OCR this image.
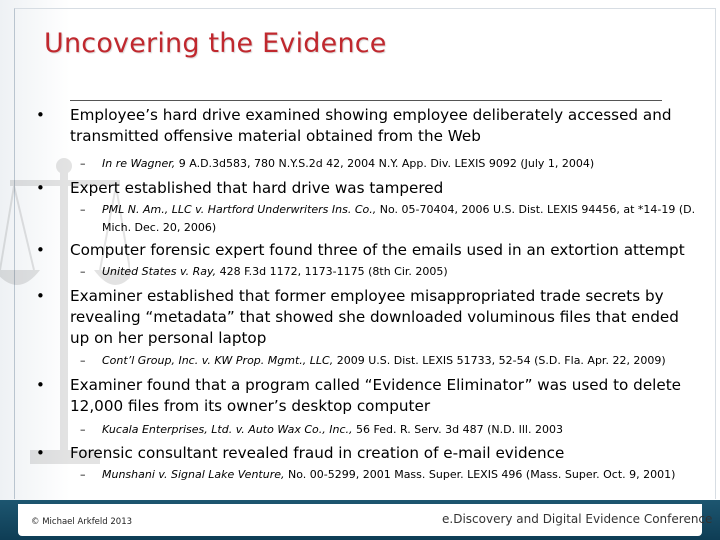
Uncovering the Evidence
• Employee’s hard drive examined showing employee deliberately accessed and transmitted offensive material obtained from the Web
– In re Wagner, 9 A.D.3d583, 780 N.Y.S.2d 42, 2004 N.Y. App. Div. LEXIS 9092 (July 1, 2004)
• Expert established that hard drive was tampered
– PML N. Am., LLC v. Hartford Underwriters Ins. Co., No. 05-70404, 2006 U.S. Dist. LEXIS 94456, at *14-19 (D. Mich. Dec. 20, 2006)
• Computer forensic expert found three of the emails used in an extortion attempt
– United States v. Ray, 428 F.3d 1172, 1173-1175 (8th Cir. 2005)
• Examiner established that former employee misappropriated trade secrets by revealing “metadata” that showed she downloaded voluminous files that ended up on her personal laptop
– Cont’l Group, Inc. v. KW Prop. Mgmt., LLC, 2009 U.S. Dist. LEXIS 51733, 52-54 (S.D. Fla. Apr. 22, 2009)
• Examiner found that a program called “Evidence Eliminator” was used to delete 12,000 files from its owner’s desktop computer
– Kucala Enterprises, Ltd. v. Auto Wax Co., Inc., 56 Fed. R. Serv. 3d 487 (N.D. Ill. 2003
• Forensic consultant revealed fraud in creation of e-mail evidence
– Munshani v. Signal Lake Venture, No. 00-5299, 2001 Mass. Super. LEXIS 496 (Mass. Super. Oct. 9, 2001)
© Michael Arkfeld 2013	e.Discovery and Digital Evidence Conference
